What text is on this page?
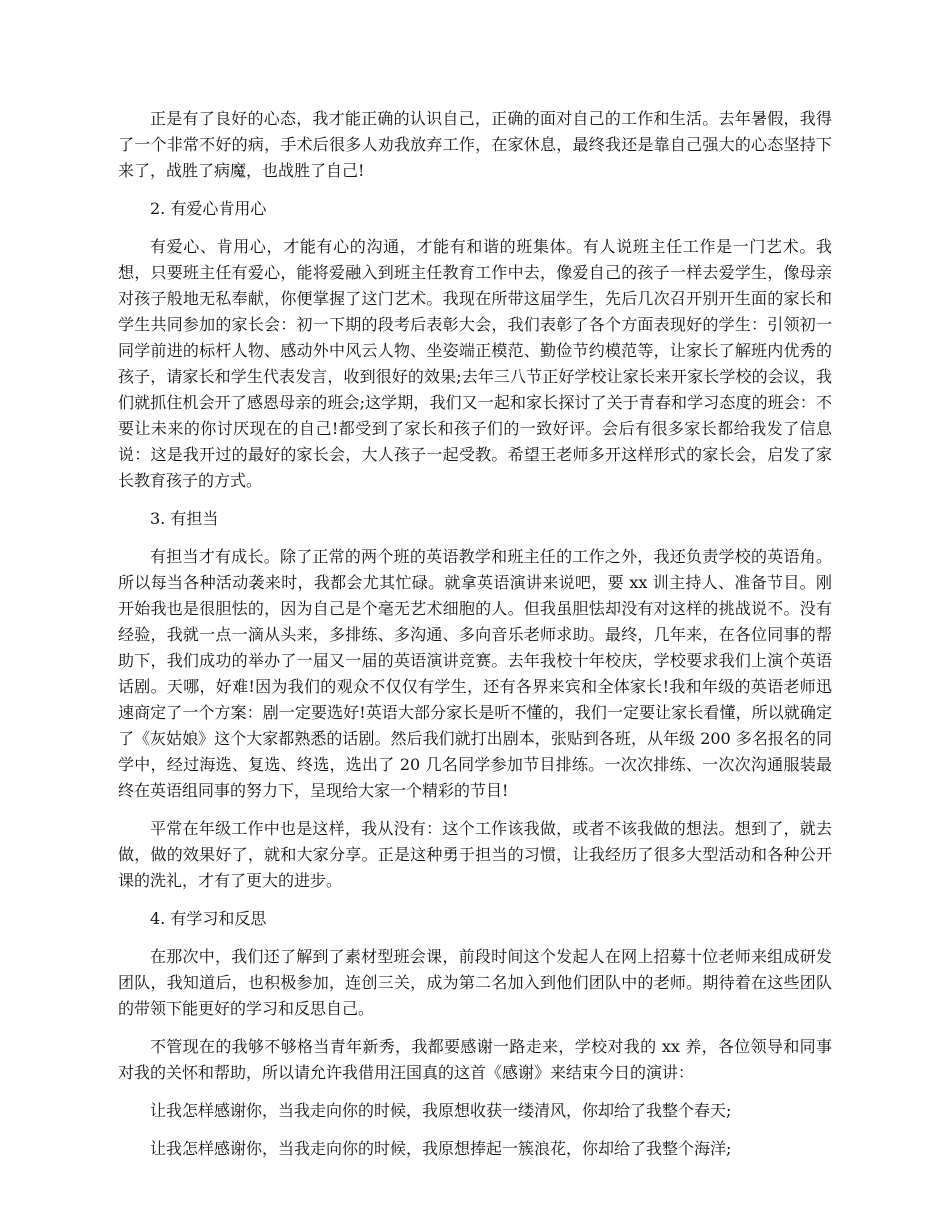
正是有了良好的心态，我才能正确的认识自己，正确的面对自己的工作和生活。去年暑假，我得了一个非常不好的病，手术后很多人劝我放弃工作，在家休息，最终我还是靠自己强大的心态坚持下来了，战胜了病魔，也战胜了自己!

2. 有爱心肯用心

有爱心、肯用心，才能有心的沟通，才能有和谐的班集体。有人说班主任工作是一门艺术。我想，只要班主任有爱心，能将爱融入到班主任教育工作中去，像爱自己的孩子一样去爱学生，像母亲对孩子般地无私奉献，你便掌握了这门艺术。我现在所带这届学生，先后几次召开别开生面的家长和学生共同参加的家长会：初一下期的段考后表彰大会，我们表彰了各个方面表现好的学生：引领初一同学前进的标杆人物、感动外中风云人物、坐姿端正模范、勤俭节约模范等，让家长了解班内优秀的孩子，请家长和学生代表发言，收到很好的效果;去年三八节正好学校让家长来开家长学校的会议，我们就抓住机会开了感恩母亲的班会;这学期，我们又一起和家长探讨了关于青春和学习态度的班会：不要让未来的你讨厌现在的自己!都受到了家长和孩子们的一致好评。会后有很多家长都给我发了信息说：这是我开过的最好的家长会，大人孩子一起受教。希望王老师多开这样形式的家长会，启发了家长教育孩子的方式。

3. 有担当

有担当才有成长。除了正常的两个班的英语教学和班主任的工作之外，我还负责学校的英语角。所以每当各种活动袭来时，我都会尤其忙碌。就拿英语演讲来说吧，要 xx 训主持人、准备节目。刚开始我也是很胆怯的，因为自己是个毫无艺术细胞的人。但我虽胆怯却没有对这样的挑战说不。没有经验，我就一点一滴从头来，多排练、多沟通、多向音乐老师求助。最终，几年来，在各位同事的帮助下，我们成功的举办了一届又一届的英语演讲竞赛。去年我校十年校庆，学校要求我们上演个英语话剧。天哪，好难!因为我们的观众不仅仅有学生，还有各界来宾和全体家长!我和年级的英语老师迅速商定了一个方案：剧一定要选好!英语大部分家长是听不懂的，我们一定要让家长看懂，所以就确定了《灰姑娘》这个大家都熟悉的话剧。然后我们就打出剧本，张贴到各班，从年级 200 多名报名的同学中，经过海选、复选、终选，选出了 20 几名同学参加节目排练。一次次排练、一次次沟通服装最终在英语组同事的努力下，呈现给大家一个精彩的节目!

平常在年级工作中也是这样，我从没有：这个工作该我做，或者不该我做的想法。想到了，就去做，做的效果好了，就和大家分享。正是这种勇于担当的习惯，让我经历了很多大型活动和各种公开课的洗礼，才有了更大的进步。

4. 有学习和反思

在那次中，我们还了解到了素材型班会课，前段时间这个发起人在网上招募十位老师来组成研发团队，我知道后，也积极参加，连创三关，成为第二名加入到他们团队中的老师。期待着在这些团队的带领下能更好的学习和反思自己。

不管现在的我够不够格当青年新秀，我都要感谢一路走来，学校对我的 xx 养，各位领导和同事对我的关怀和帮助，所以请允许我借用汪国真的这首《感谢》来结束今日的演讲：

让我怎样感谢你，当我走向你的时候，我原想收获一缕清风，你却给了我整个春天;

让我怎样感谢你，当我走向你的时候，我原想捧起一簇浪花，你却给了我整个海洋;
